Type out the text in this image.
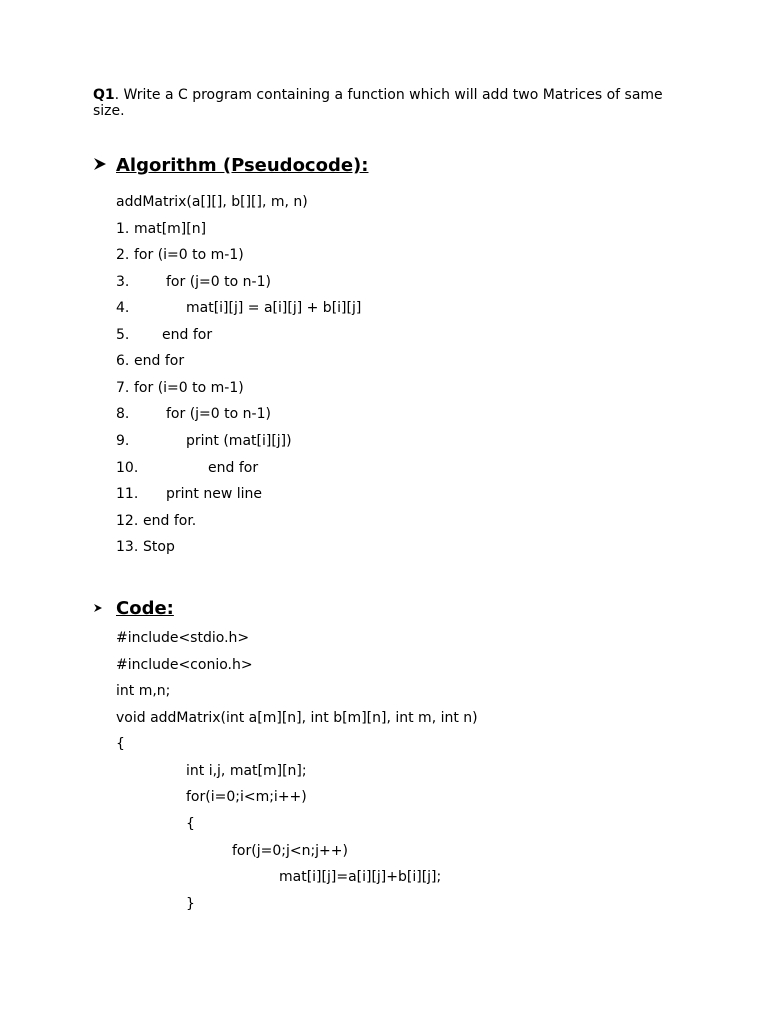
Q1. Write a C program containing a function which will add two Matrices of same size.
Algorithm (Pseudocode):
addMatrix(a[][], b[][], m, n)
1. mat[m][n]
2. for (i=0 to m-1)
3.	for (j=0 to n-1)
4.	mat[i][j] = a[i][j] + b[i][j]
5. end for
6. end for
7. for (i=0 to m-1)
8.	for (j=0 to n-1)
9.	print (mat[i][j])
10.	end for
11. print new line
12. end for.
13. Stop
Code:
#include<stdio.h>
#include<conio.h>
int m,n;
void addMatrix(int a[m][n], int b[m][n], int m, int n)
{
int i,j, mat[m][n];
for(i=0;i<m;i++)
{
for(j=0;j<n;j++)
mat[i][j]=a[i][j]+b[i][j];
}
